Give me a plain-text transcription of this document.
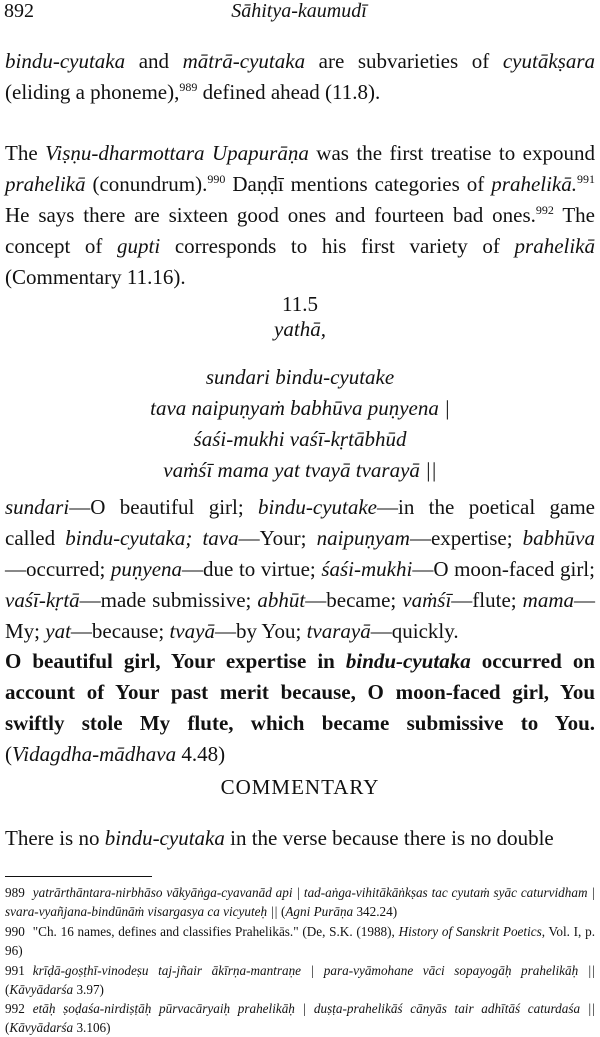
892	Sāhitya-kaumudī
bindu-cyutaka and mātrā-cyutaka are subvarieties of cyutākṣara (eliding a phoneme),$^{989}$ defined ahead (11.8).
The Viṣṇu-dharmottara Upapurāṇa was the first treatise to expound prahelikā (conundrum).$^{990}$ Daṇḍī mentions categories of prahelikā.$^{991}$ He says there are sixteen good ones and fourteen bad ones.$^{992}$ The concept of gupti corresponds to his first variety of prahelikā (Commentary 11.16).
11.5
yathā,
sundari bindu-cyutake
tava naipuṇyaṁ babhūva puṇyena |
śaśi-mukhi vaśī-kṛtābhūd
vaṁśī mama yat tvayā tvarayā ||
sundari—O beautiful girl; bindu-cyutake—in the poetical game called bindu-cyutaka; tava—Your; naipuṇyam—expertise; babhūva—occurred; puṇyena—due to virtue; śaśi-mukhi—O moon-faced girl; vaśī-kṛtā—made submissive; abhūt—became; vaṁśī—flute; mama—My; yat—because; tvayā—by You; tvarayā—quickly.
O beautiful girl, Your expertise in bindu-cyutaka occurred on account of Your past merit because, O moon-faced girl, You swiftly stole My flute, which became submissive to You. (Vidagdha-mādhava 4.48)
COMMENTARY
There is no bindu-cyutaka in the verse because there is no double
989 yatrārthāntara-nirbhāso vākyāṅga-cyavanād api | tad-aṅga-vihitākāṅkṣas tac cyutaṁ syāc caturvidham | svara-vyañjana-bindūnāṁ visargasya ca vicyuteḥ || (Agni Purāṇa 342.24)
990 "Ch. 16 names, defines and classifies Prahelikās." (De, S.K. (1988), History of Sanskrit Poetics, Vol. I, p. 96)
991 krīḍā-goṣṭhī-vinodeṣu taj-jñair ākīrṇa-mantraṇe | para-vyāmohane vāci sopayogāḥ prahelikāḥ || (Kāvyādarśa 3.97)
992 etāḥ ṣoḍaśa-nirdiṣṭāḥ pūrvacāryaiḥ prahelikāḥ | duṣṭa-prahelikāś cānyās tair adhītāś caturdaśa || (Kāvyādarśa 3.106)
